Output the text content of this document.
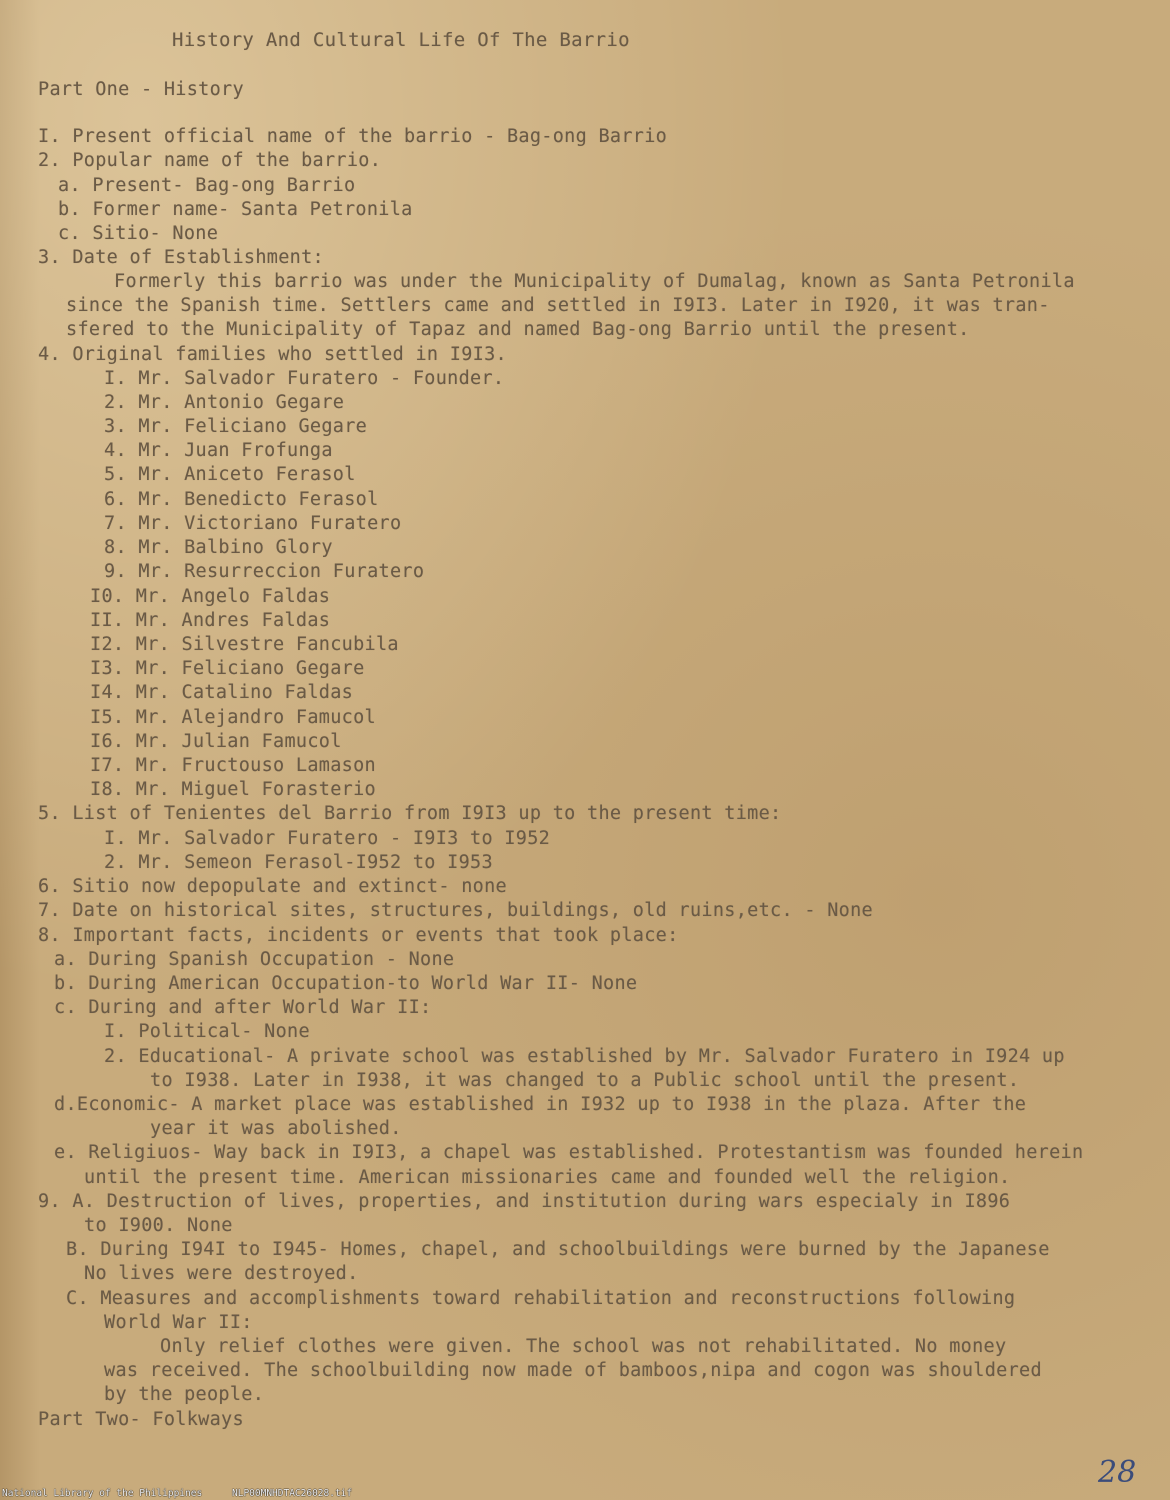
History And Cultural Life Of The Barrio
Part One - History
I. Present official name of the barrio - Bag-ong Barrio
2. Popular name of the barrio.
a. Present- Bag-ong Barrio
b. Former name- Santa Petronila
c. Sitio- None
3. Date of Establishment:
Formerly this barrio was under the Municipality of Dumalag, known as Santa Petronila
since the Spanish time. Settlers came and settled in I9I3. Later in I920, it was tran-
sfered to the Municipality of Tapaz and named Bag-ong Barrio until the present.
4. Original families who settled in I9I3.
I. Mr. Salvador Furatero - Founder.
2. Mr. Antonio Gegare
3. Mr. Feliciano Gegare
4. Mr. Juan Frofunga
5. Mr. Aniceto Ferasol
6. Mr. Benedicto Ferasol
7. Mr. Victoriano Furatero
8. Mr. Balbino Glory
9. Mr. Resurreccion Furatero
I0. Mr. Angelo Faldas
II. Mr. Andres Faldas
I2. Mr. Silvestre Fancubila
I3. Mr. Feliciano Gegare
I4. Mr. Catalino Faldas
I5. Mr. Alejandro Famucol
I6. Mr. Julian Famucol
I7. Mr. Fructouso Lamason
I8. Mr. Miguel Forasterio
5. List of Tenientes del Barrio from I9I3 up to the present time:
I. Mr. Salvador Furatero - I9I3 to I952
2. Mr. Semeon Ferasol-I952 to I953
6. Sitio now depopulate and extinct- none
7. Date on historical sites, structures, buildings, old ruins,etc. - None
8. Important facts, incidents or events that took place:
a. During Spanish Occupation - None
b. During American Occupation-to World War II- None
c. During and after World War II:
I. Political- None
2. Educational- A private school was established by Mr. Salvador Furatero in I924 up
to I938. Later in I938, it was changed to a Public school until the present.
d.Economic- A market place was established in I932 up to I938 in the plaza. After the
year it was abolished.
e. Religiuos- Way back in I9I3, a chapel was established. Protestantism was founded herein
until the present time. American missionaries came and founded well the religion.
9. A. Destruction of lives, properties, and institution during wars especialy in I896
to I900. None
B. During I94I to I945- Homes, chapel, and schoolbuildings were burned by the Japanese
No lives were destroyed.
C. Measures and accomplishments toward rehabilitation and reconstructions following
World War II:
Only relief clothes were given. The school was not rehabilitated. No money
was received. The schoolbuilding now made of bamboos,nipa and cogon was shouldered
by the people.
Part Two- Folkways
28
National Library of the Philippines	NLP00MNHDTAC26028.tif
